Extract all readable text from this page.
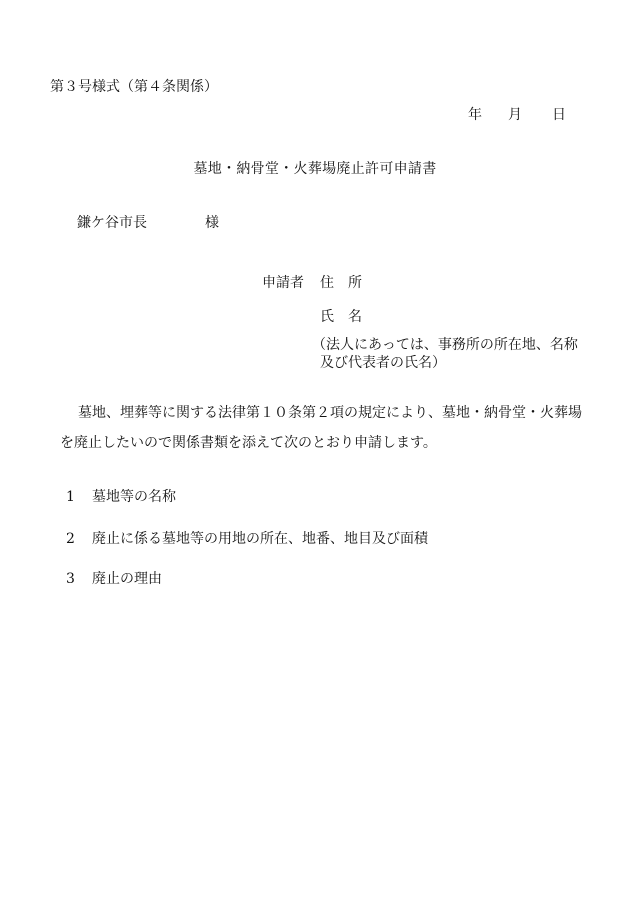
第３号様式（第４条関係）
年 月 日
墓地・納骨堂・火葬場廃止許可申請書
鎌ケ谷市長	様
申請者 住　所
氏　名
（法人にあっては、事務所の所在地、名称
及び代表者の氏名）
墓地、埋葬等に関する法律第１０条第２項の規定により、墓地・納骨堂・火葬場を廃止したいので関係書類を添えて次のとおり申請します。
1 墓地等の名称
2 廃止に係る墓地等の用地の所在、地番、地目及び面積
3 廃止の理由
